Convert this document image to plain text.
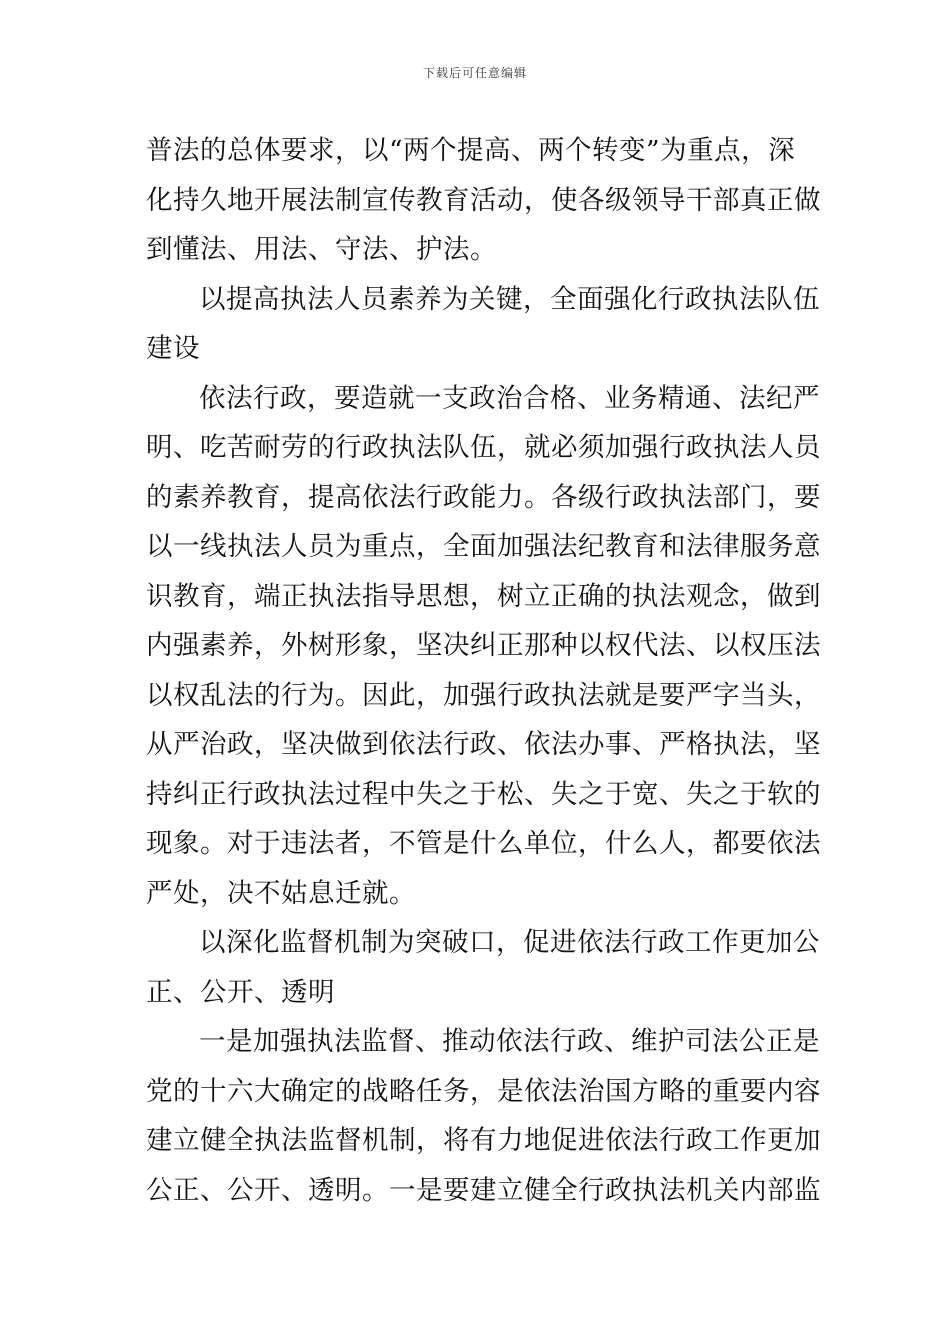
下载后可任意编辑
普法的总体要求，以“两个提高、两个转变”为重点，深
化持久地开展法制宣传教育活动，使各级领导干部真正做
到懂法、用法、守法、护法。
以提高执法人员素养为关键，全面强化行政执法队伍
建设
依法行政，要造就一支政治合格、业务精通、法纪严
明、吃苦耐劳的行政执法队伍，就必须加强行政执法人员
的素养教育，提高依法行政能力。各级行政执法部门，要
以一线执法人员为重点，全面加强法纪教育和法律服务意
识教育，端正执法指导思想，树立正确的执法观念，做到
内强素养，外树形象，坚决纠正那种以权代法、以权压法
以权乱法的行为。因此，加强行政执法就是要严字当头，
从严治政，坚决做到依法行政、依法办事、严格执法，坚
持纠正行政执法过程中失之于松、失之于宽、失之于软的
现象。对于违法者，不管是什么单位，什么人，都要依法
严处，决不姑息迁就。
以深化监督机制为突破口，促进依法行政工作更加公
正、公开、透明
一是加强执法监督、推动依法行政、维护司法公正是
党的十六大确定的战略任务，是依法治国方略的重要内容
建立健全执法监督机制，将有力地促进依法行政工作更加
公正、公开、透明。一是要建立健全行政执法机关内部监
